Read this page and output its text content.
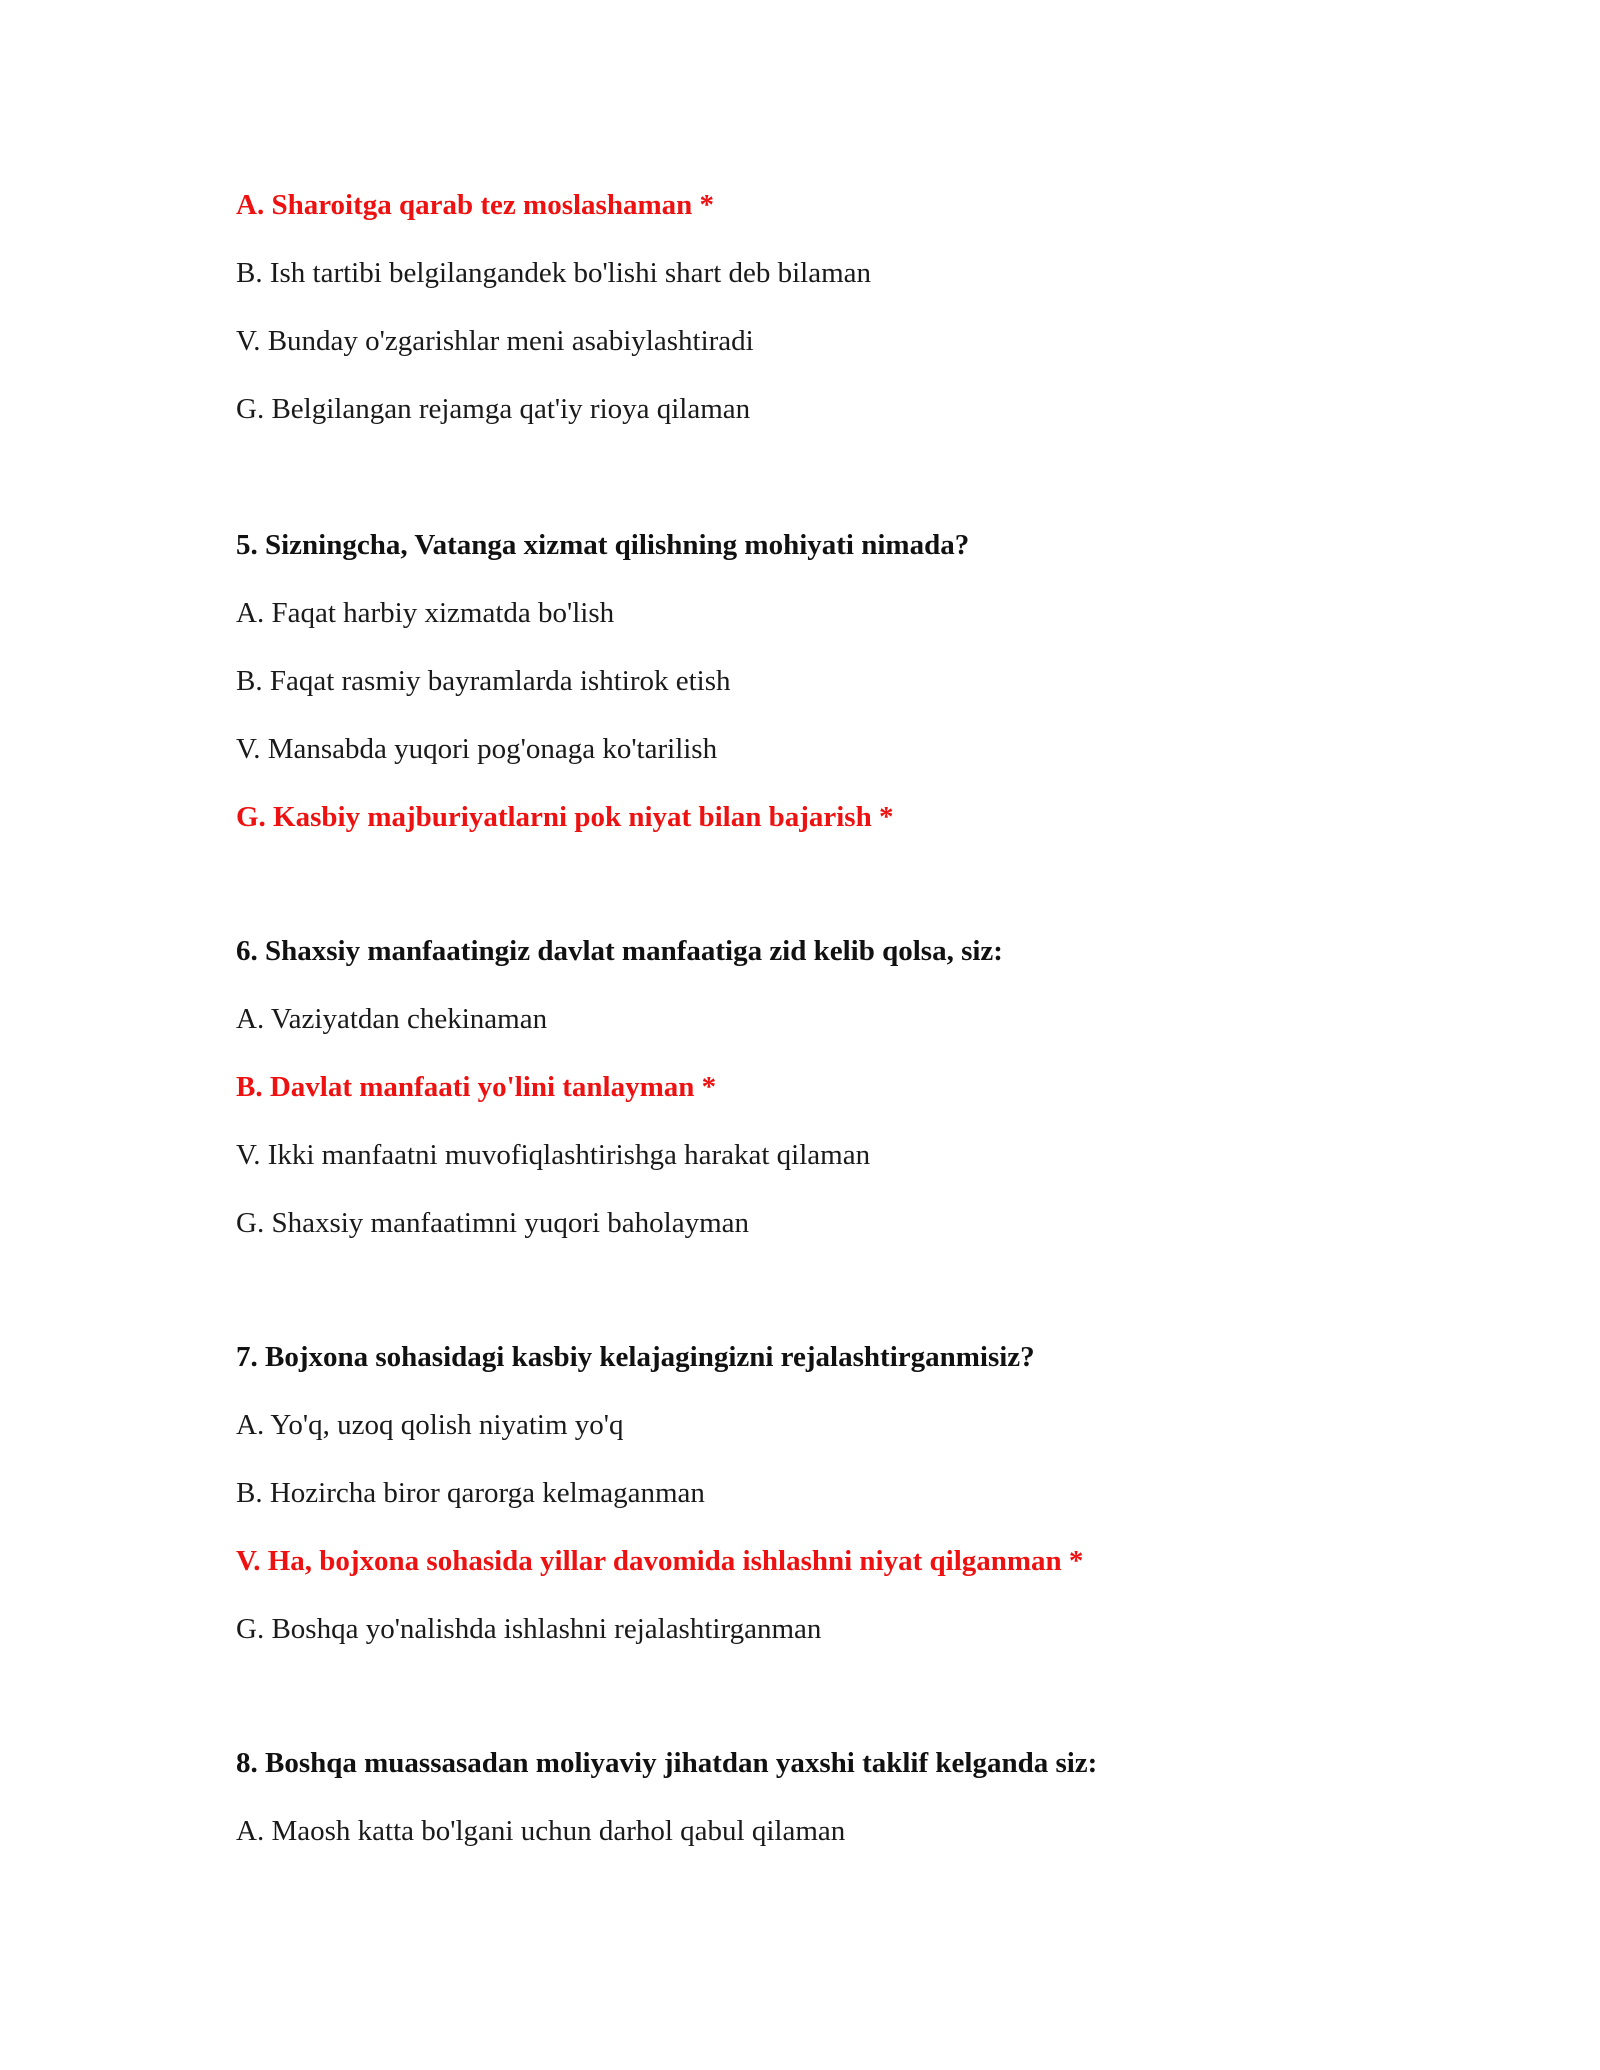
A. Sharoitga qarab tez moslashaman *

B. Ish tartibi belgilangandek bo'lishi shart deb bilaman

V. Bunday o'zgarishlar meni asabiylashtiradi

G. Belgilangan rejamga qat'iy rioya qilaman

5. Sizningcha, Vatanga xizmat qilishning mohiyati nimada?

A. Faqat harbiy xizmatda bo'lish

B. Faqat rasmiy bayramlarda ishtirok etish

V. Mansabda yuqori pog'onaga ko'tarilish

G. Kasbiy majburiyatlarni pok niyat bilan bajarish *

6. Shaxsiy manfaatingiz davlat manfaatiga zid kelib qolsa, siz:

A. Vaziyatdan chekinaman

B. Davlat manfaati yo'lini tanlayman *

V. Ikki manfaatni muvofiqlashtirishga harakat qilaman

G. Shaxsiy manfaatimni yuqori baholayman

7. Bojxona sohasidagi kasbiy kelajagingizni rejalashtirganmisiz?

A. Yo'q, uzoq qolish niyatim yo'q

B. Hozircha biror qarorga kelmaganman

V. Ha, bojxona sohasida yillar davomida ishlashni niyat qilganman *

G. Boshqa yo'nalishda ishlashni rejalashtirganman

8. Boshqa muassasadan moliyaviy jihatdan yaxshi taklif kelganda siz:

A. Maosh katta bo'lgani uchun darhol qabul qilaman
